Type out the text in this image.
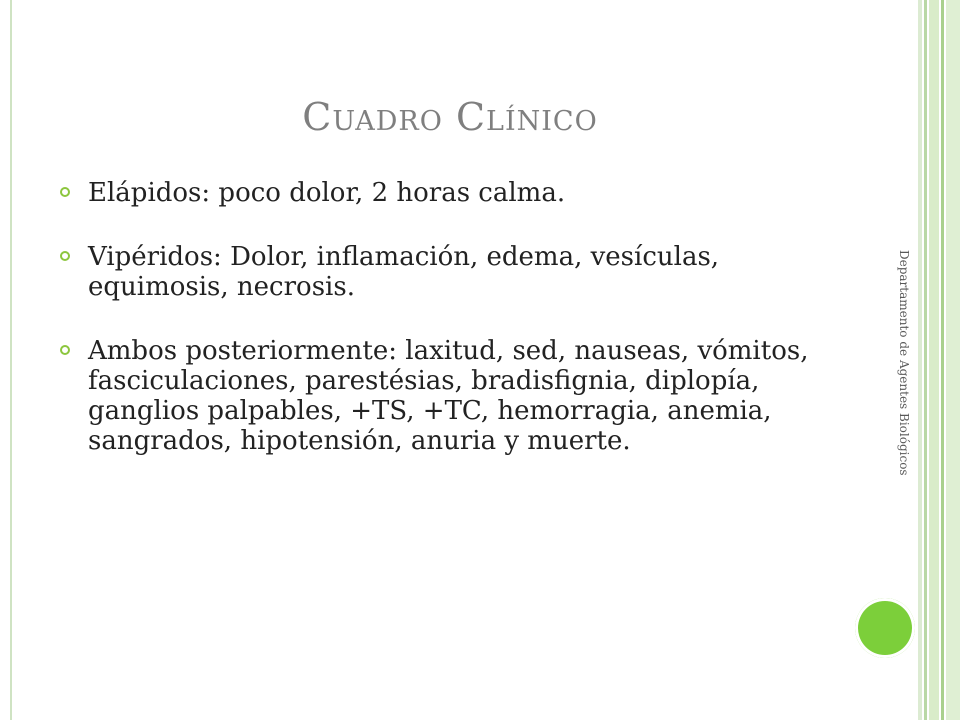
Cuadro Clínico
Departamento de Agentes Biológicos
Elápidos: poco dolor, 2 horas calma.
Vipéridos: Dolor, inflamación, edema, vesículas, equimosis, necrosis.
Ambos posteriormente: laxitud, sed, nauseas, vómitos, fasciculaciones, parestésias, bradisfignia, diplopía, ganglios palpables, +TS, +TC, hemorragia, anemia, sangrados, hipotensión, anuria y muerte.
